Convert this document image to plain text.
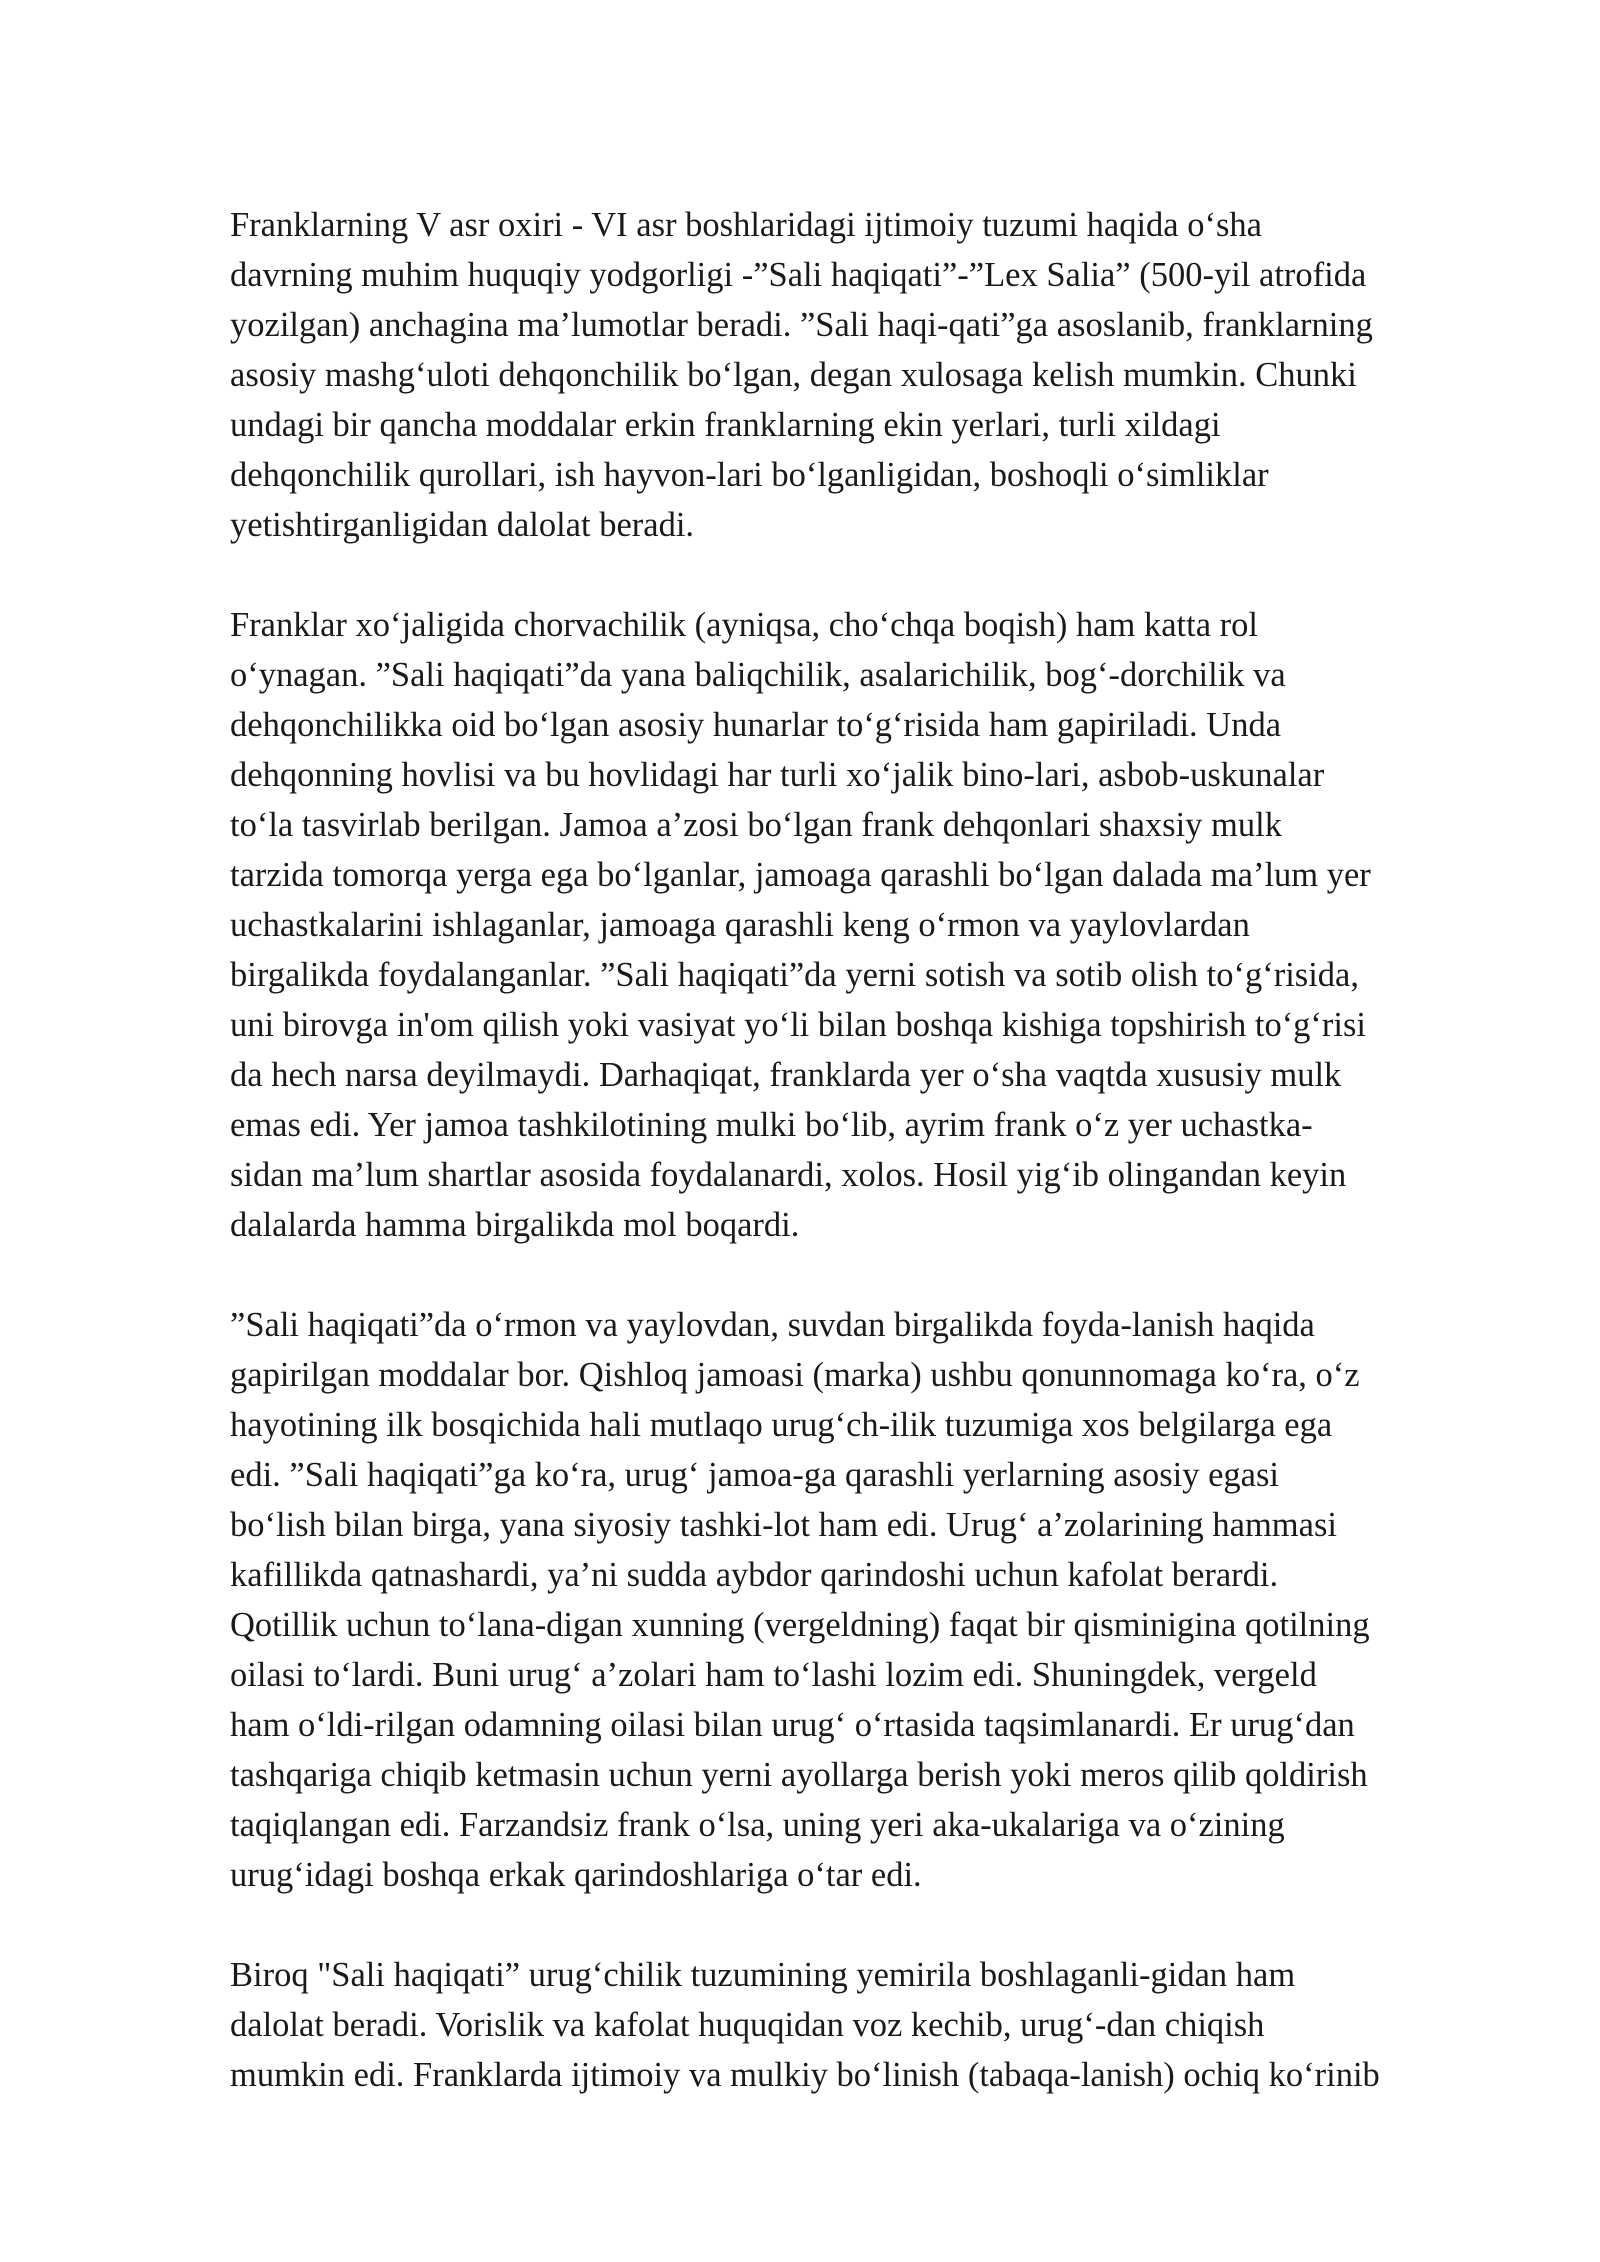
Franklarning V asr oxiri - VI asr boshlaridagi ijtimoiy tuzumi haqida o‘sha
davrning muhim huquqiy yodgorligi -”Sali haqiqati”-”Lex Salia” (500-yil atrofida
yozilgan) anchagina ma’lumotlar beradi. ”Sali haqi-qati”ga asoslanib, franklarning
asosiy mashg‘uloti dehqonchilik bo‘lgan, degan xulosaga kelish mumkin. Chunki
undagi bir qancha moddalar erkin franklarning ekin yerlari, turli xildagi
dehqonchilik qurollari, ish hayvon-lari bo‘lganligidan, boshoqli o‘simliklar
yetishtirganligidan dalolat beradi.
Franklar xo‘jaligida chorvachilik (ayniqsa, cho‘chqa boqish) ham katta rol
o‘ynagan. ”Sali haqiqati”da yana baliqchilik, asalarichilik, bog‘-dorchilik va
dehqonchilikka oid bo‘lgan asosiy hunarlar to‘g‘risida ham gapiriladi. Unda
dehqonning hovlisi va bu hovlidagi har turli xo‘jalik bino-lari, asbob-uskunalar
to‘la tasvirlab berilgan. Jamoa a’zosi bo‘lgan frank dehqonlari shaxsiy mulk
tarzida tomorqa yerga ega bo‘lganlar, jamoaga qarashli bo‘lgan dalada ma’lum yer
uchastkalarini ishlaganlar, jamoaga qarashli keng o‘rmon va yaylovlardan
birgalikda foydalanganlar. ”Sali haqiqati”da yerni sotish va sotib olish to‘g‘risida,
uni birovga in'om qilish yoki vasiyat yo‘li bilan boshqa kishiga topshirish to‘g‘risi
da hech narsa deyilmaydi. Darhaqiqat, franklarda yer o‘sha vaqtda xususiy mulk
emas edi. Yer jamoa tashkilotining mulki bo‘lib, ayrim frank o‘z yer uchastka-
sidan ma’lum shartlar asosida foydalanardi, xolos. Hosil yig‘ib olingandan keyin
dalalarda hamma birgalikda mol boqardi.
”Sali haqiqati”da o‘rmon va yaylovdan, suvdan birgalikda foyda-lanish haqida
gapirilgan moddalar bor. Qishloq jamoasi (marka) ushbu qonunnomaga ko‘ra, o‘z
hayotining ilk bosqichida hali mutlaqo urug‘ch-ilik tuzumiga xos belgilarga ega
edi. ”Sali haqiqati”ga ko‘ra, urug‘ jamoa-ga qarashli yerlarning asosiy egasi
bo‘lish bilan birga, yana siyosiy tashki-lot ham edi. Urug‘ a’zolarining hammasi
kafillikda qatnashardi, ya’ni sudda aybdor qarindoshi uchun kafolat berardi.
Qotillik uchun to‘lana-digan xunning (vergeldning) faqat bir qisminigina qotilning
oilasi to‘lardi. Buni urug‘ a’zolari ham to‘lashi lozim edi. Shuningdek, vergeld
ham o‘ldi-rilgan odamning oilasi bilan urug‘ o‘rtasida taqsimlanardi. Er urug‘dan
tashqariga chiqib ketmasin uchun yerni ayollarga berish yoki meros qilib qoldirish
taqiqlangan edi. Farzandsiz frank o‘lsa, uning yeri aka-ukalariga va o‘zining
urug‘idagi boshqa erkak qarindoshlariga o‘tar edi.
Biroq "Sali haqiqati” urug‘chilik tuzumining yemirila boshlaganli-gidan ham
dalolat beradi. Vorislik va kafolat huquqidan voz kechib, urug‘-dan chiqish
mumkin edi. Franklarda ijtimoiy va mulkiy bo‘linish (tabaqa-lanish) ochiq ko‘rinib
